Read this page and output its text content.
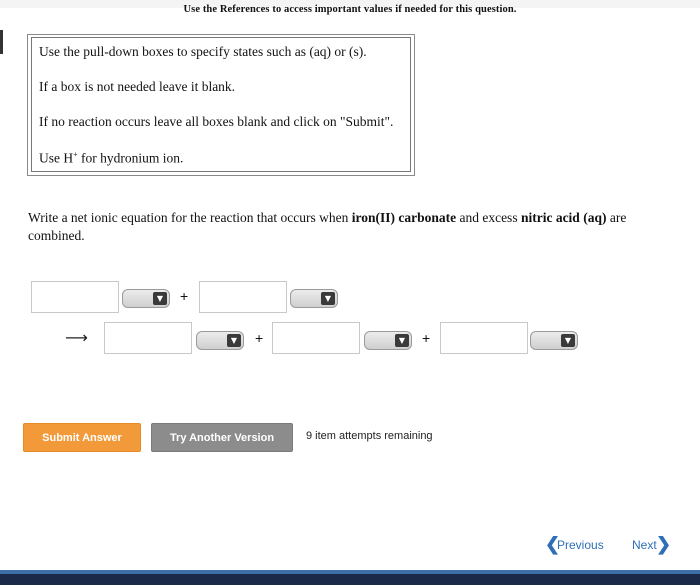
Use the References to access important values if needed for this question.
Use the pull-down boxes to specify states such as (aq) or (s).
If a box is not needed leave it blank.
If no reaction occurs leave all boxes blank and click on "Submit".
Use H+ for hydronium ion.
Write a net ionic equation for the reaction that occurs when iron(II) carbonate and excess nitric acid (aq) are combined.
▼ +	▼
⟶	▼ +	▼ +	▼
Submit Answer	Try Another Version	9 item attempts remaining
❮
Previous Next ❯
